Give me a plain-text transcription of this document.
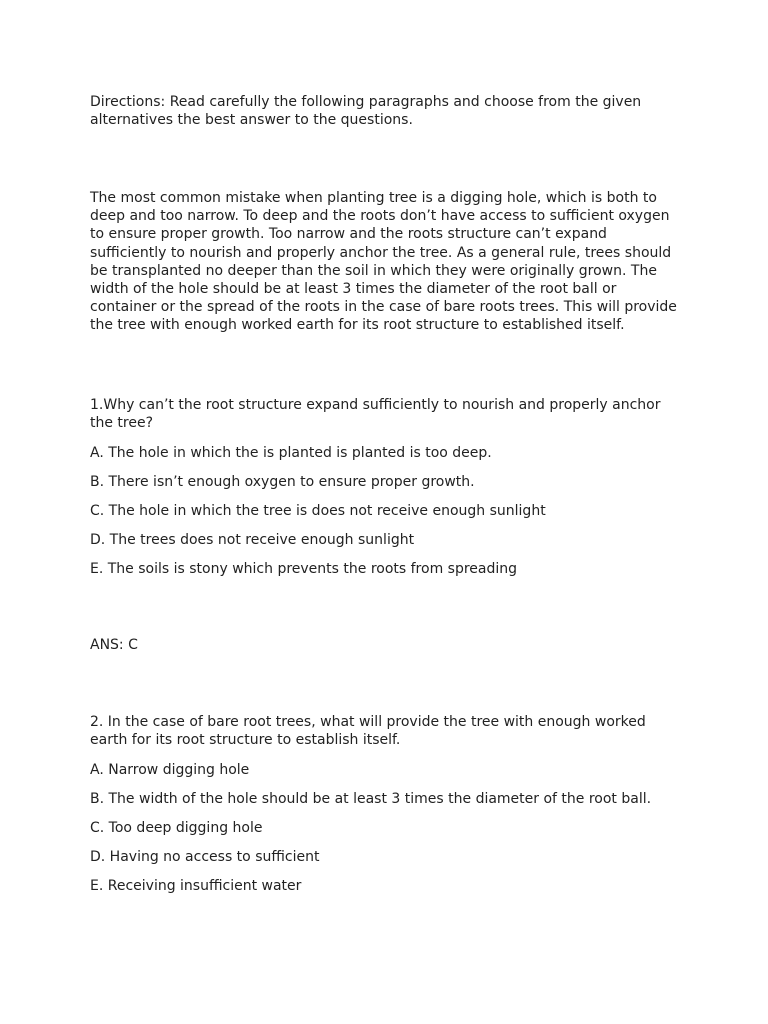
Directions: Read carefully the following paragraphs and choose from the given alternatives the best answer to the questions.

The most common mistake when planting tree is a digging hole, which is both to deep and too narrow. To deep and the roots don’t have access to sufficient oxygen to ensure proper growth. Too narrow and the roots structure can’t expand sufficiently to nourish and properly anchor the tree. As a general rule, trees should be transplanted no deeper than the soil in which they were originally grown. The width of the hole should be at least 3 times the diameter of the root ball or container or the spread of the roots in the case of bare roots trees. This will provide the tree with enough worked earth for its root structure to established itself.

1.Why can’t the root structure expand sufficiently to nourish and properly anchor the tree?

A. The hole in which the is planted is planted is too deep.

B. There isn’t enough oxygen to ensure proper growth.

C. The hole in which the tree is does not receive enough sunlight

D. The trees does not receive enough sunlight

E. The soils is stony which prevents the roots from spreading

ANS: C

2. In the case of bare root trees, what will provide the tree with enough worked earth for its root structure to establish itself.

A. Narrow digging hole

B. The width of the hole should be at least 3 times the diameter of the root ball.

C. Too deep digging hole

D. Having no access to sufficient

E. Receiving insufficient water
